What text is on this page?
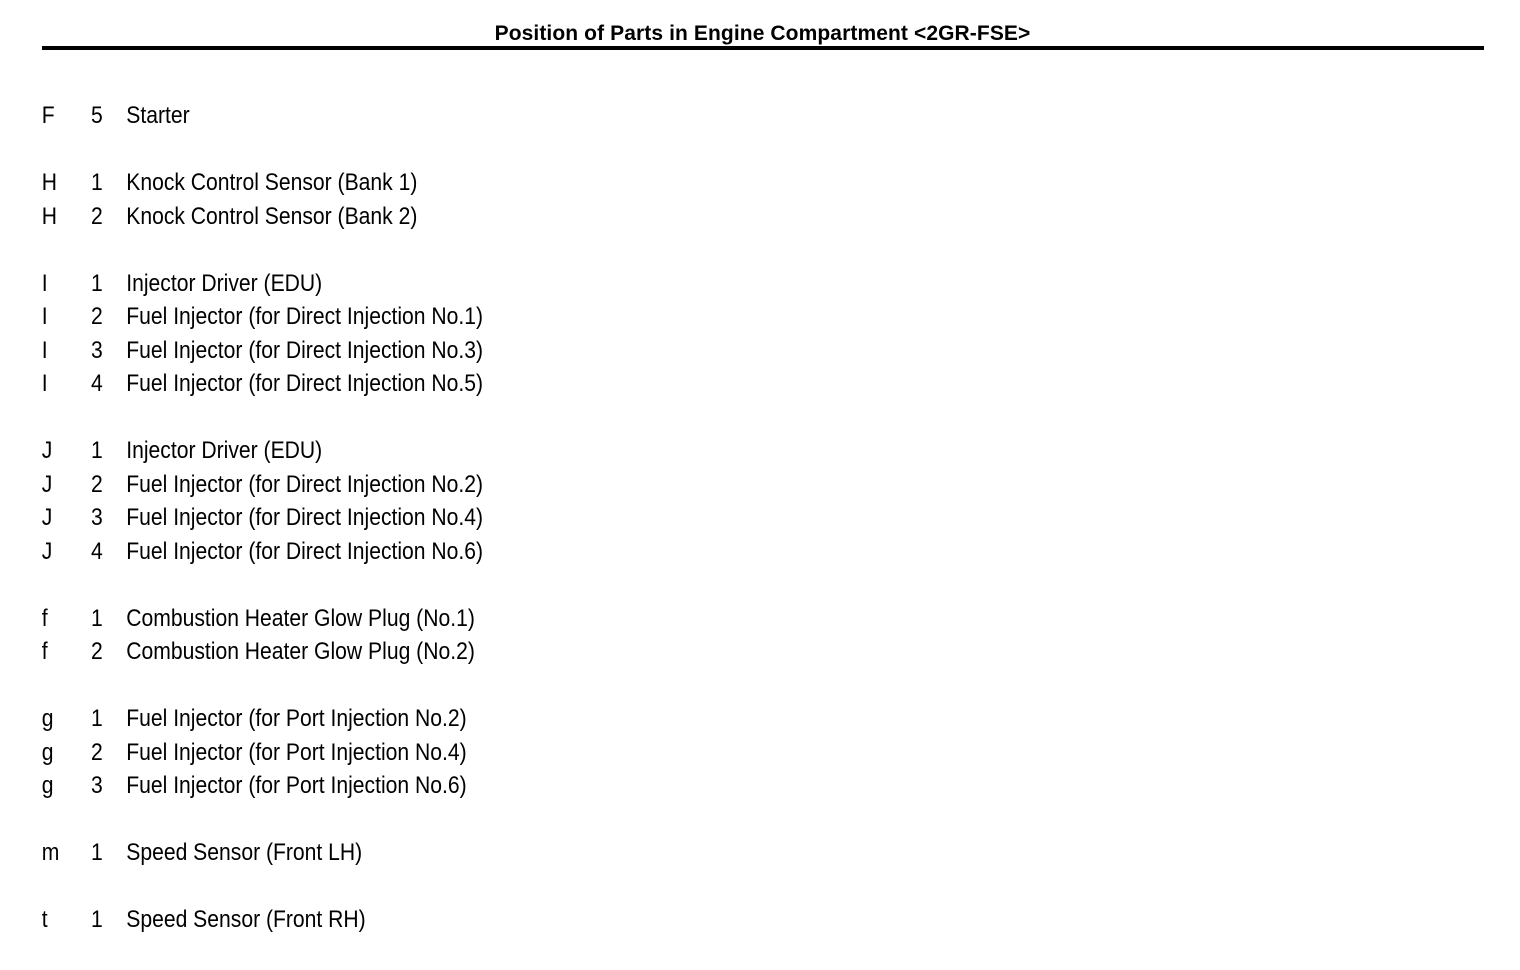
Position of Parts in Engine Compartment <2GR-FSE>
F 5 Starter
H 1 Knock Control Sensor (Bank 1)
H 2 Knock Control Sensor (Bank 2)
I 1 Injector Driver (EDU)
I 2 Fuel Injector (for Direct Injection No.1)
I 3 Fuel Injector (for Direct Injection No.3)
I 4 Fuel Injector (for Direct Injection No.5)
J 1 Injector Driver (EDU)
J 2 Fuel Injector (for Direct Injection No.2)
J 3 Fuel Injector (for Direct Injection No.4)
J 4 Fuel Injector (for Direct Injection No.6)
f 1 Combustion Heater Glow Plug (No.1)
f 2 Combustion Heater Glow Plug (No.2)
g 1 Fuel Injector (for Port Injection No.2)
g 2 Fuel Injector (for Port Injection No.4)
g 3 Fuel Injector (for Port Injection No.6)
m 1 Speed Sensor (Front LH)
t 1 Speed Sensor (Front RH)
